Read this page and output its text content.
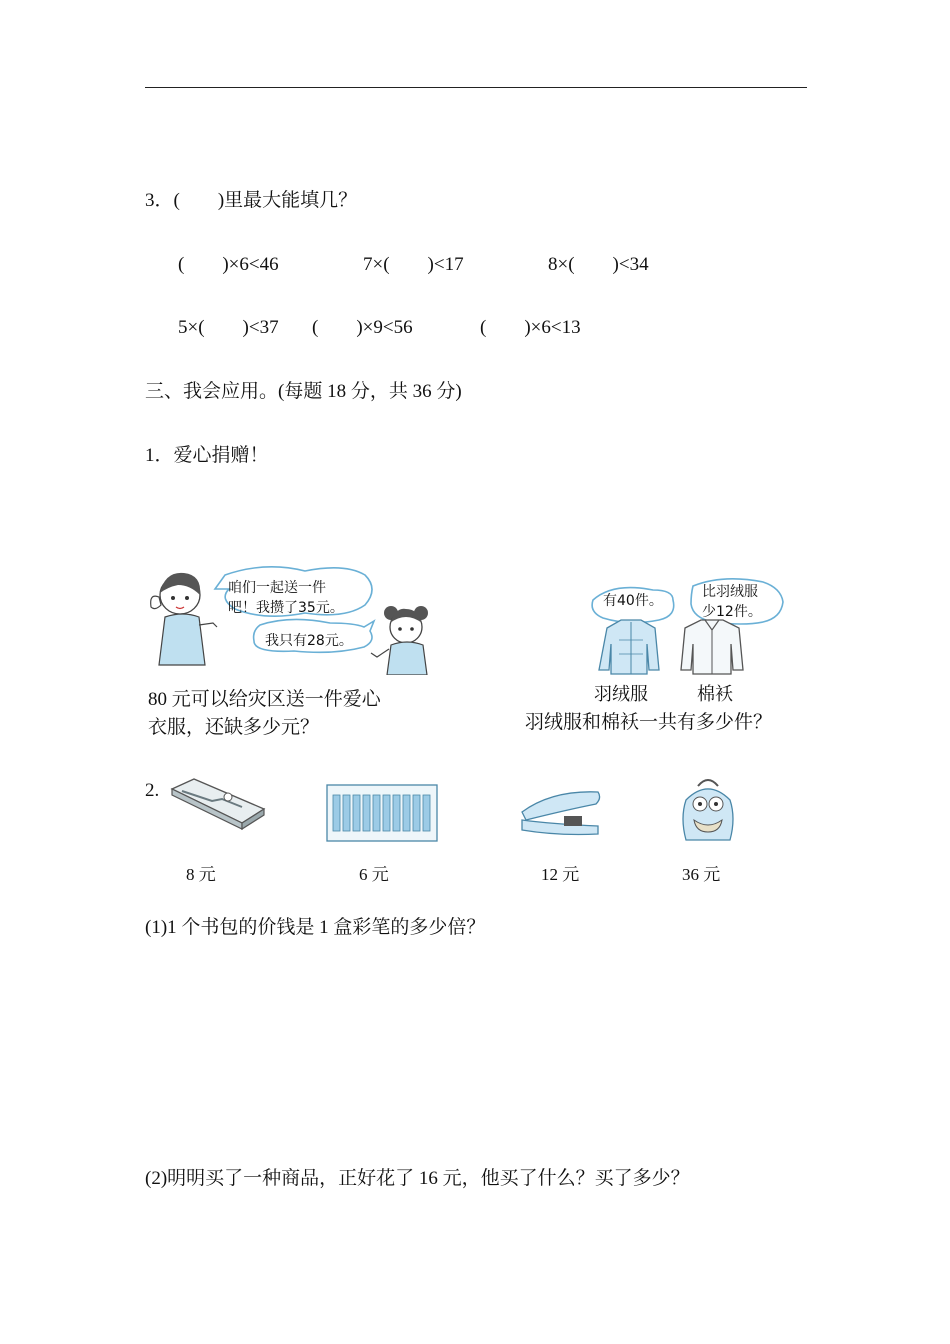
3．(　　)里最大能填几？
(　　)×6<46	7×(　　)<17	8×(　　)<34
5×(　　)<37 (　　)×9<56	(　　)×6<13
三、我会应用。(每题 18 分，共 36 分)
1．爱心捐赠！
咱们一起送一件
吧！我攒了35元。
我只有28元。
80 元可以给灾区送一件爱心
衣服，还缺多少元？
有40件。
比羽绒服
少12件。
羽绒服	棉袄
羽绒服和棉袄一共有多少件？
2.
8 元	6 元	12 元	36 元
(1)1 个书包的价钱是 1 盒彩笔的多少倍？
(2)明明买了一种商品，正好花了 16 元，他买了什么？买了多少？
